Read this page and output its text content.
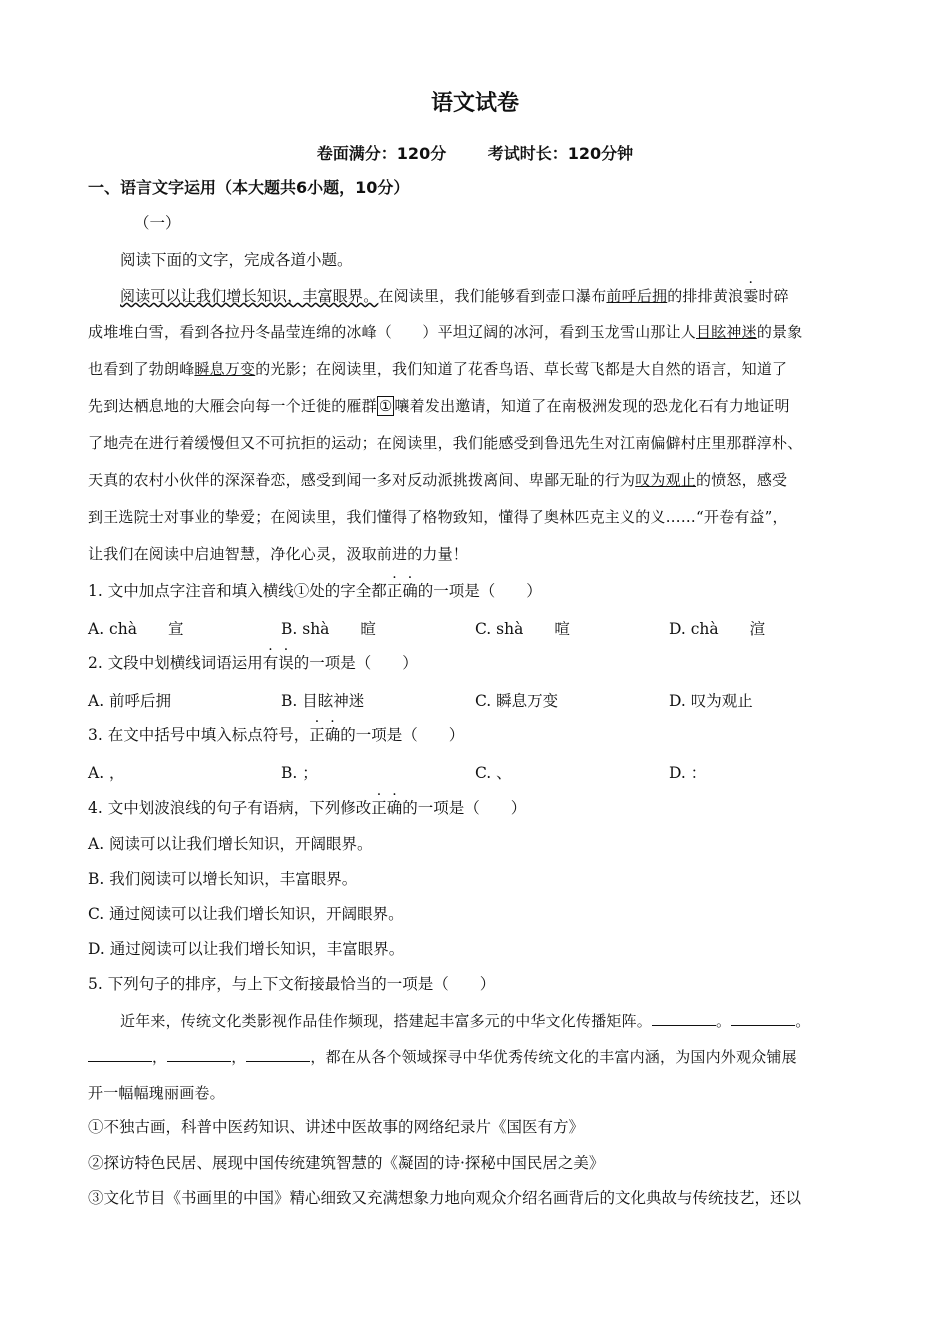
语文试卷
卷面满分：120分	考试时长：120分钟
一、语言文字运用（本大题共6小题，10分）
（一）
阅读下面的文字，完成各道小题。
阅读可以让我们增长知识，丰富眼界。在阅读里，我们能够看到壶口瀑布前呼后拥的排排黄浪霎时碎
成堆堆白雪，看到各拉丹冬晶莹连绵的冰峰（　　）平坦辽阔的冰河，看到玉龙雪山那让人目眩神迷的景象
也看到了勃朗峰瞬息万变的光影；在阅读里，我们知道了花香鸟语、草长莺飞都是大自然的语言，知道了
先到达栖息地的大雁会向每一个迁徙的雁群 ① 嚷着发出邀请，知道了在南极洲发现的恐龙化石有力地证明
了地壳在进行着缓慢但又不可抗拒的运动；在阅读里，我们能感受到鲁迅先生对江南偏僻村庄里那群淳朴、
天真的农村小伙伴的深深眷恋，感受到闻一多对反动派挑拨离间、卑鄙无耻的行为叹为观止的愤怒，感受
到王选院士对事业的挚爱；在阅读里，我们懂得了格物致知，懂得了奥林匹克主义的义……“开卷有益”，
让我们在阅读中启迪智慧，净化心灵，汲取前进的力量！
1. 文中加点字注音和填入横线①处的字全都正确的一项是（　　）
A. chà　　宣	B. shà　　暄	C. shà　　喧	D. chà　　渲
2. 文段中划横线词语运用有误的一项是（　　）
A. 前呼后拥	B. 目眩神迷	C. 瞬息万变	D. 叹为观止
3. 在文中括号中填入标点符号，正确的一项是（　　）
A. ，	B. ；	C. 、	D. ：
4. 文中划波浪线的句子有语病，下列修改正确的一项是（　　）
A. 阅读可以让我们增长知识，开阔眼界。
B. 我们阅读可以增长知识，丰富眼界。
C. 通过阅读可以让我们增长知识，开阔眼界。
D. 通过阅读可以让我们增长知识，丰富眼界。
5. 下列句子的排序，与上下文衔接最恰当的一项是（　　）
近年来，传统文化类影视作品佳作频现，搭建起丰富多元的中华文化传播矩阵。	。	。
，	，	，都在从各个领域探寻中华优秀传统文化的丰富内涵，为国内外观众铺展
开一幅幅瑰丽画卷。
①不独古画，科普中医药知识、讲述中医故事的网络纪录片《国医有方》
②探访特色民居、展现中国传统建筑智慧的《凝固的诗·探秘中国民居之美》
③文化节目《书画里的中国》精心细致又充满想象力地向观众介绍名画背后的文化典故与传统技艺，还以
